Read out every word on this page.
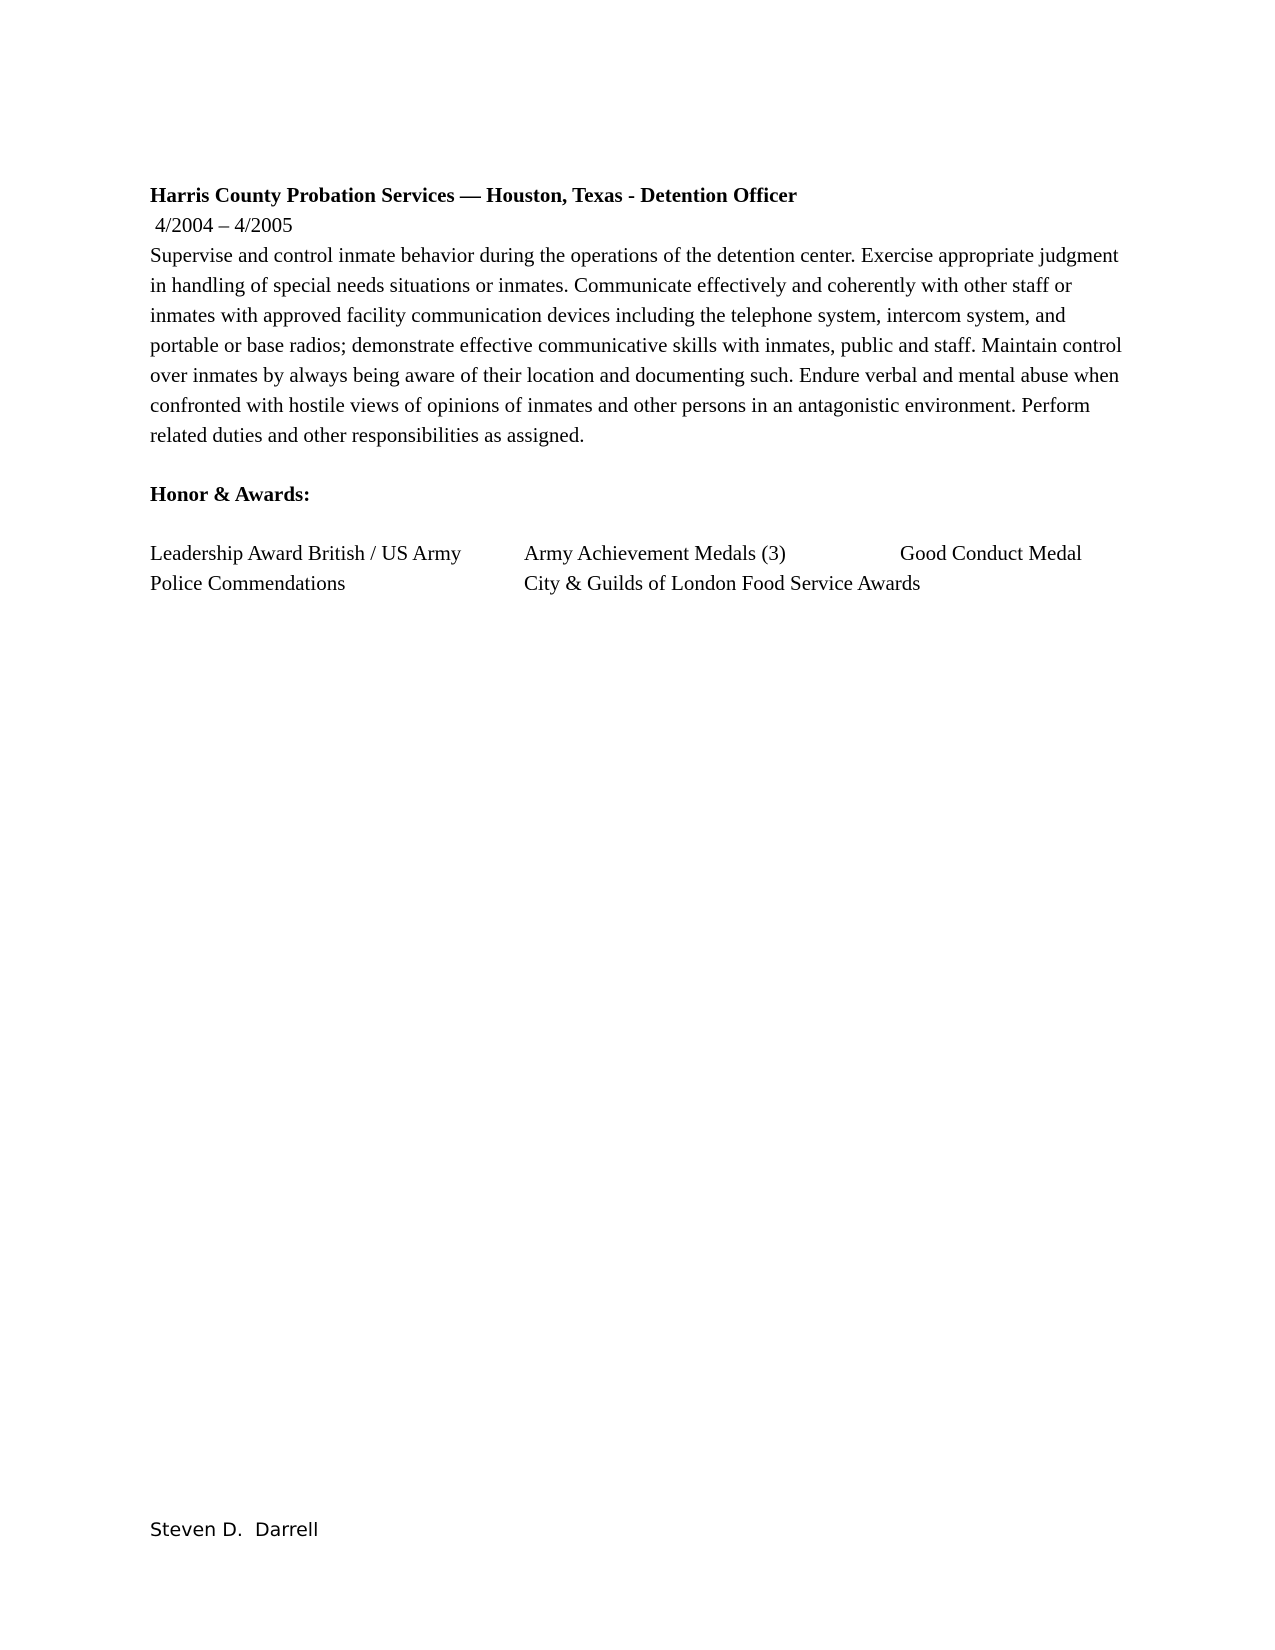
Harris County Probation Services — Houston, Texas - Detention Officer
4/2004 – 4/2005

Supervise and control inmate behavior during the operations of the detention center. Exercise appropriate judgment in handling of special needs situations or inmates. Communicate effectively and coherently with other staff or inmates with approved facility communication devices including the telephone system, intercom system, and portable or base radios; demonstrate effective communicative skills with inmates, public and staff. Maintain control over inmates by always being aware of their location and documenting such. Endure verbal and mental abuse when confronted with hostile views of opinions of inmates and other persons in an antagonistic environment. Perform related duties and other responsibilities as assigned.

Honor & Awards:
Leadership Award British / US Army	Army Achievement Medals (3)	Good Conduct Medal
Police Commendations	City & Guilds of London Food Service Awards
Steven D.  Darrell
